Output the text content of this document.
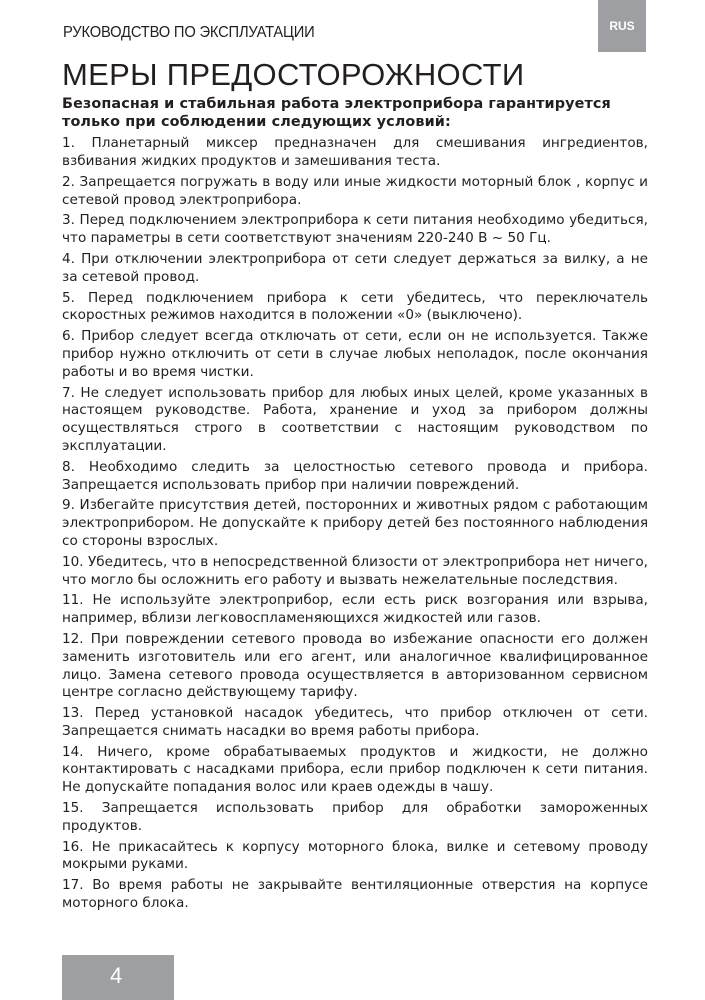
РУКОВОДСТВО ПО ЭКСПЛУАТАЦИИ	RUS
МЕРЫ ПРЕДОСТОРОЖНОСТИ

Безопасная и стабильная работа электроприбора гарантируется только при соблюдении следующих условий:

1. Планетарный миксер предназначен для смешивания ингредиентов, взбивания жидких продуктов и замешивания теста.
2. Запрещается погружать в воду или иные жидкости моторный блок , корпус и сетевой провод электроприбора.
3. Перед подключением электроприбора к сети питания необходимо убедиться, что параметры в сети соответствуют значениям 220-240 В ~ 50 Гц.
4. При отключении электроприбора от сети следует держаться за вилку, а не за сетевой провод.
5. Перед подключением прибора к сети убедитесь, что переключатель скоростных режимов находится в положении «0» (выключено).
6. Прибор следует всегда отключать от сети, если он не используется. Также прибор нужно отключить от сети в случае любых неполадок, после окончания работы и во время чистки.
7. Не следует использовать прибор для любых иных целей, кроме указанных в настоящем руководстве. Работа, хранение и уход за прибором должны осуществляться строго в соответствии с настоящим руководством по эксплуатации.
8. Необходимо следить за целостностью сетевого провода и прибора. Запрещается использовать прибор при наличии повреждений.
9. Избегайте присутствия детей, посторонних и животных рядом с работающим электроприбором. Не допускайте к прибору детей без постоянного наблюдения со стороны взрослых.
10. Убедитесь, что в непосредственной близости от электроприбора нет ничего, что могло бы осложнить его работу и вызвать нежелательные последствия.
11. Не используйте электроприбор, если есть риск возгорания или взрыва, например, вблизи легковоспламеняющихся жидкостей или газов.
12. При повреждении сетевого провода во избежание опасности его должен заменить изготовитель или его агент, или аналогичное квалифицированное лицо. Замена сетевого провода осуществляется в авторизованном сервисном центре согласно действующему тарифу.
13. Перед установкой насадок убедитесь, что прибор отключен от сети. Запрещается снимать насадки во время работы прибора.
14. Ничего, кроме обрабатываемых продуктов и жидкости, не должно контактировать с насадками прибора, если прибор подключен к сети питания. Не допускайте попадания волос или краев одежды в чашу.
15. Запрещается использовать прибор для обработки замороженных продуктов.
16. Не прикасайтесь к корпусу моторного блока, вилке и сетевому проводу мокрыми руками.
17. Во время работы не закрывайте вентиляционные отверстия на корпусе моторного блока.
4
